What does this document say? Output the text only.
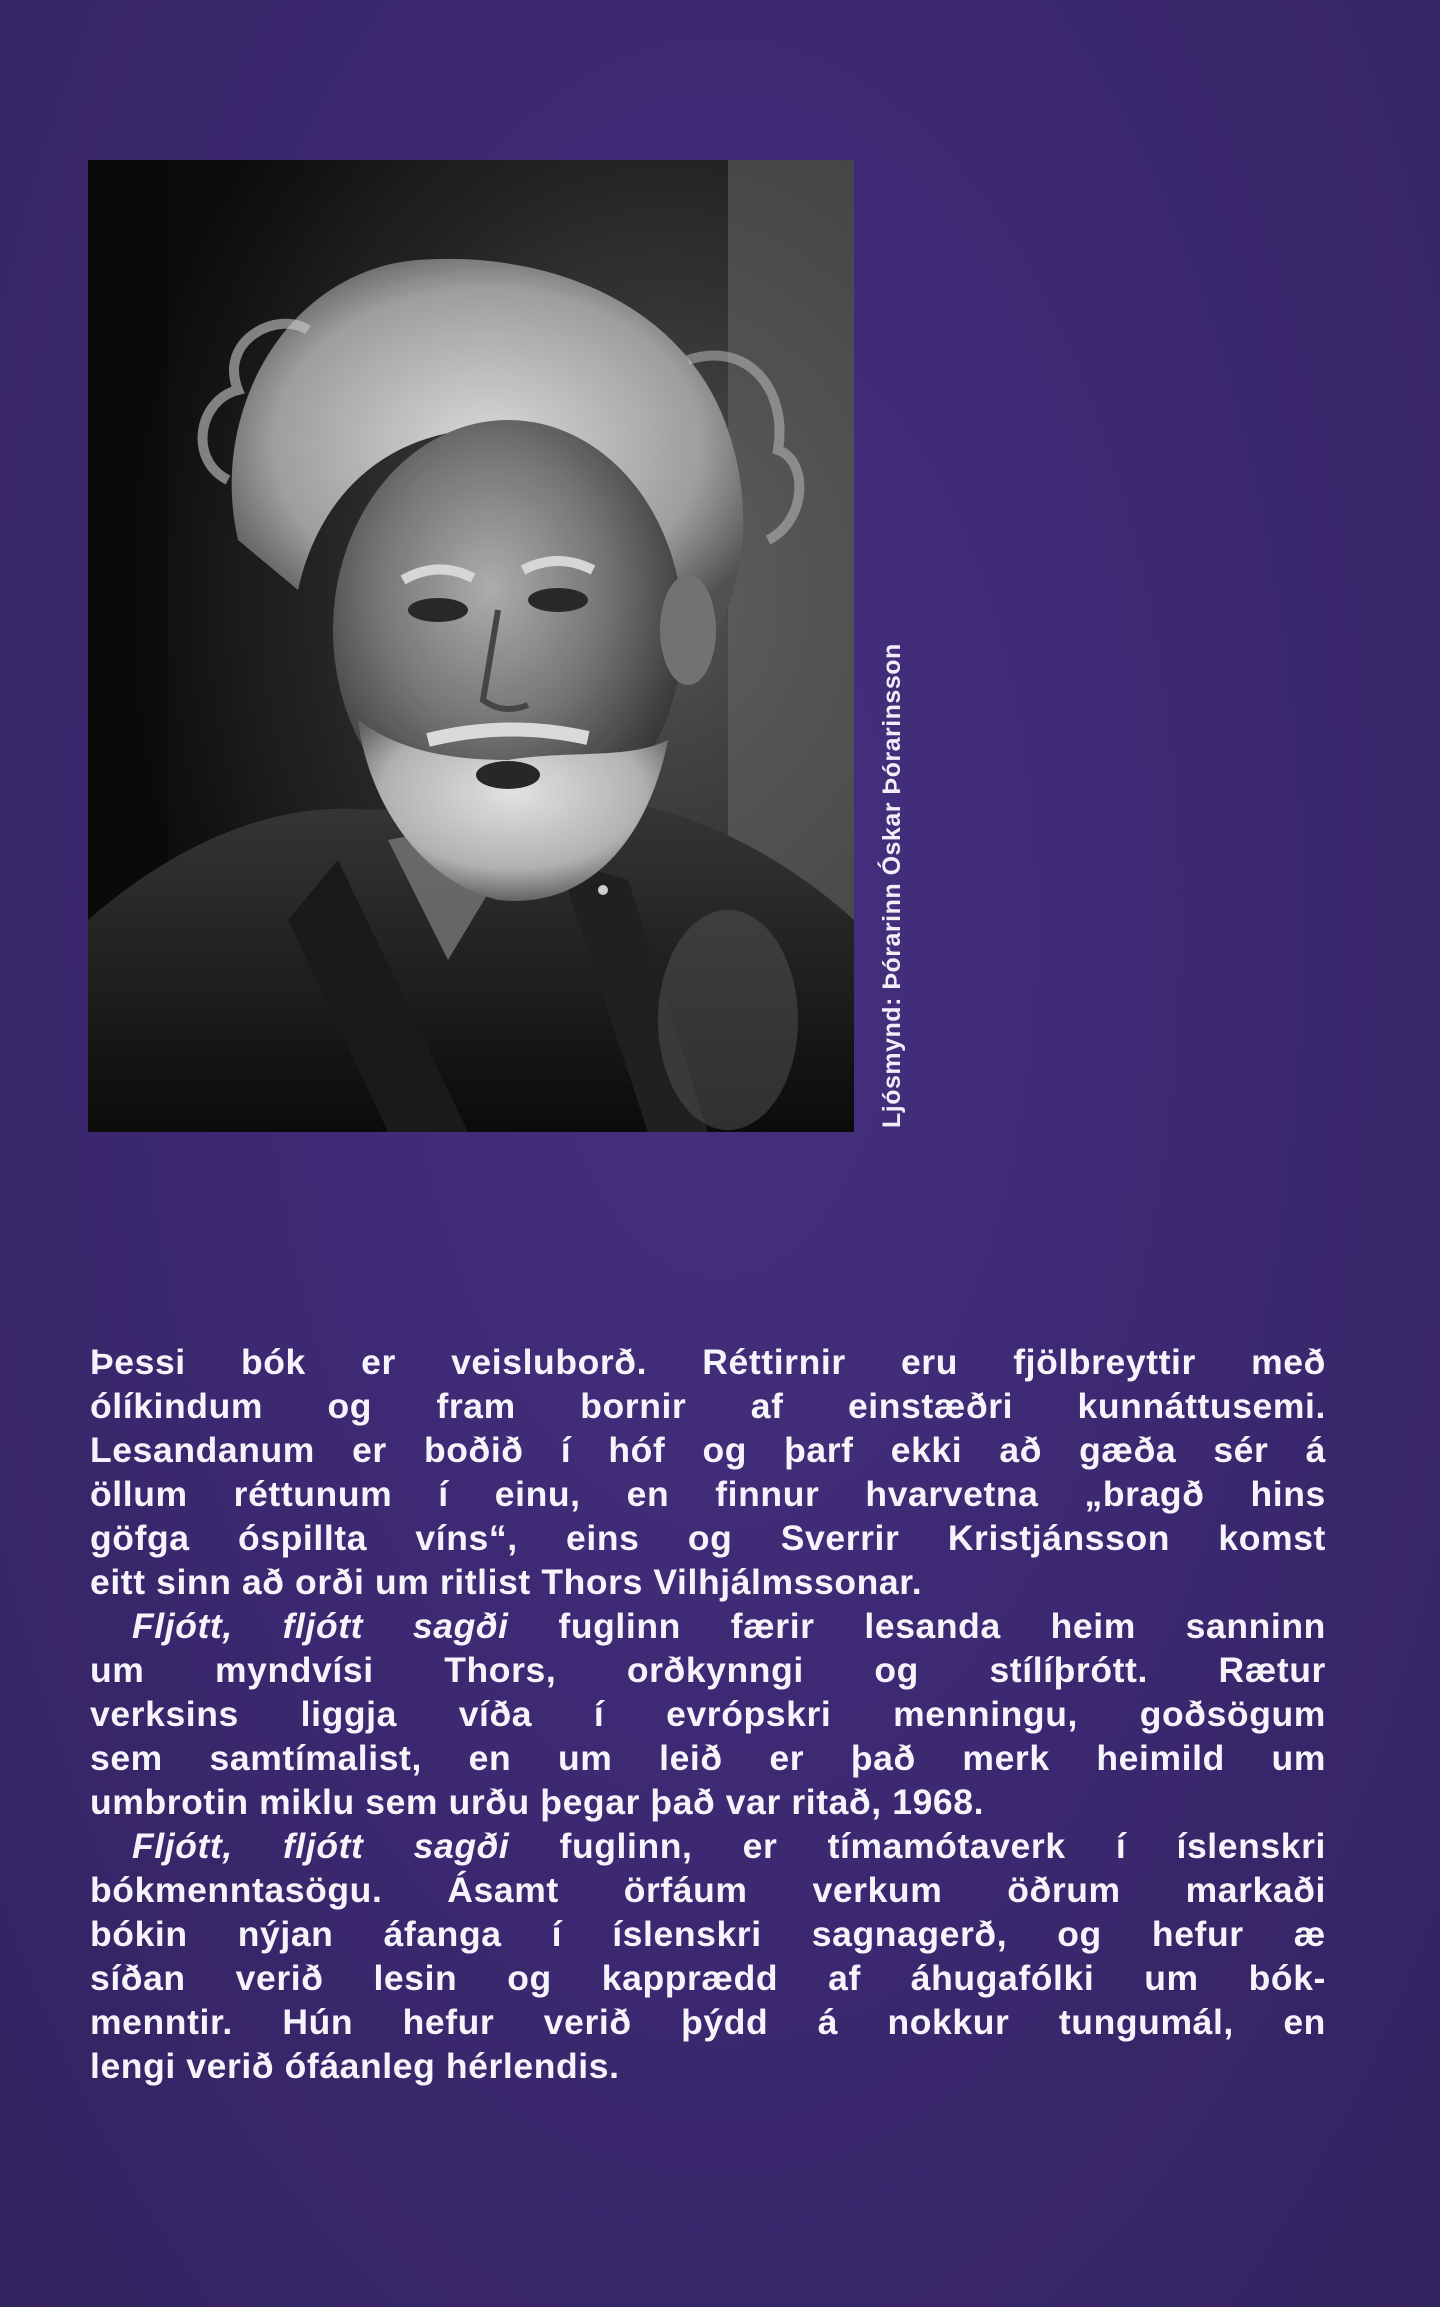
Ljósmynd: Þórarinn Óskar Þórarinsson
Þessi bók er veisluborð. Réttirnir eru fjölbreyttir með
ólíkindum og fram bornir af einstæðri kunnáttusemi.
Lesandanum er boðið í hóf og þarf ekki að gæða sér á
öllum réttunum í einu, en finnur hvarvetna „bragð hins
göfga óspillta víns“, eins og Sverrir Kristjánsson komst
eitt sinn að orði um ritlist Thors Vilhjálmssonar.
Fljótt, fljótt sagði fuglinn færir lesanda heim sanninn
um myndvísi Thors, orðkynngi og stílíþrótt. Rætur
verksins liggja víða í evrópskri menningu, goðsögum
sem samtímalist, en um leið er það merk heimild um
umbrotin miklu sem urðu þegar það var ritað, 1968.
Fljótt, fljótt sagði fuglinn, er tímamótaverk í íslenskri
bókmenntasögu. Ásamt örfáum verkum öðrum markaði
bókin nýjan áfanga í íslenskri sagnagerð, og hefur æ
síðan verið lesin og kapprædd af áhugafólki um bók-
menntir. Hún hefur verið þýdd á nokkur tungumál, en
lengi verið ófáanleg hérlendis.
